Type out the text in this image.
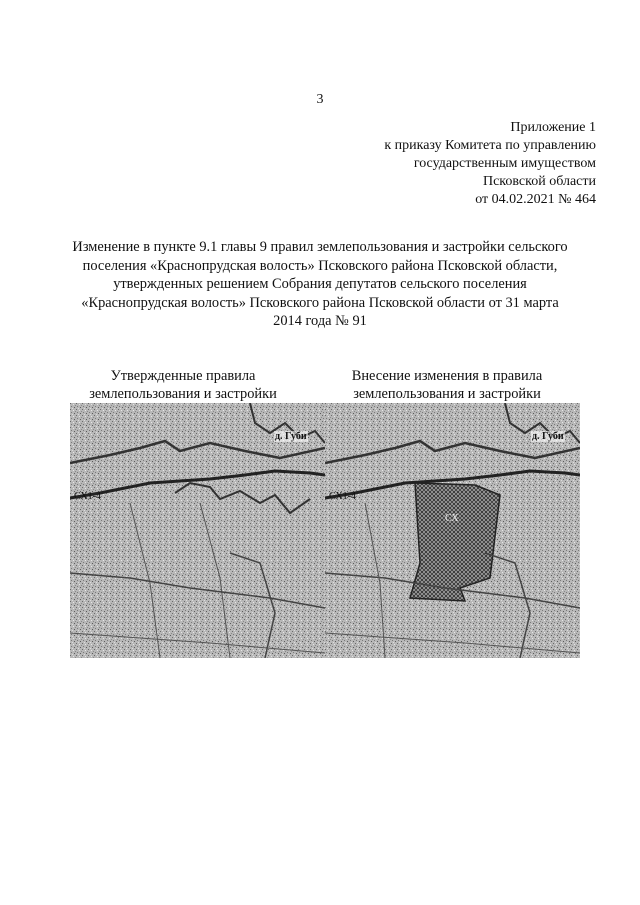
3
Приложение 1
к приказу Комитета по управлению
государственным имуществом
Псковской области
от 04.02.2021 № 464
Изменение в пункте 9.1 главы 9 правил землепользования и застройки сельского
поселения «Краснопрудская волость» Псковского района Псковской области,
утвержденных решением Собрания депутатов сельского поселения
«Краснопрудская волость» Псковского района Псковской области от 31 марта
2014 года № 91
Утвержденные правила
землепользования и застройки
Внесение изменения в правила
землепользования и застройки
д. Губи
СХ1-4
д. Губи
СХ1-4
СХ
